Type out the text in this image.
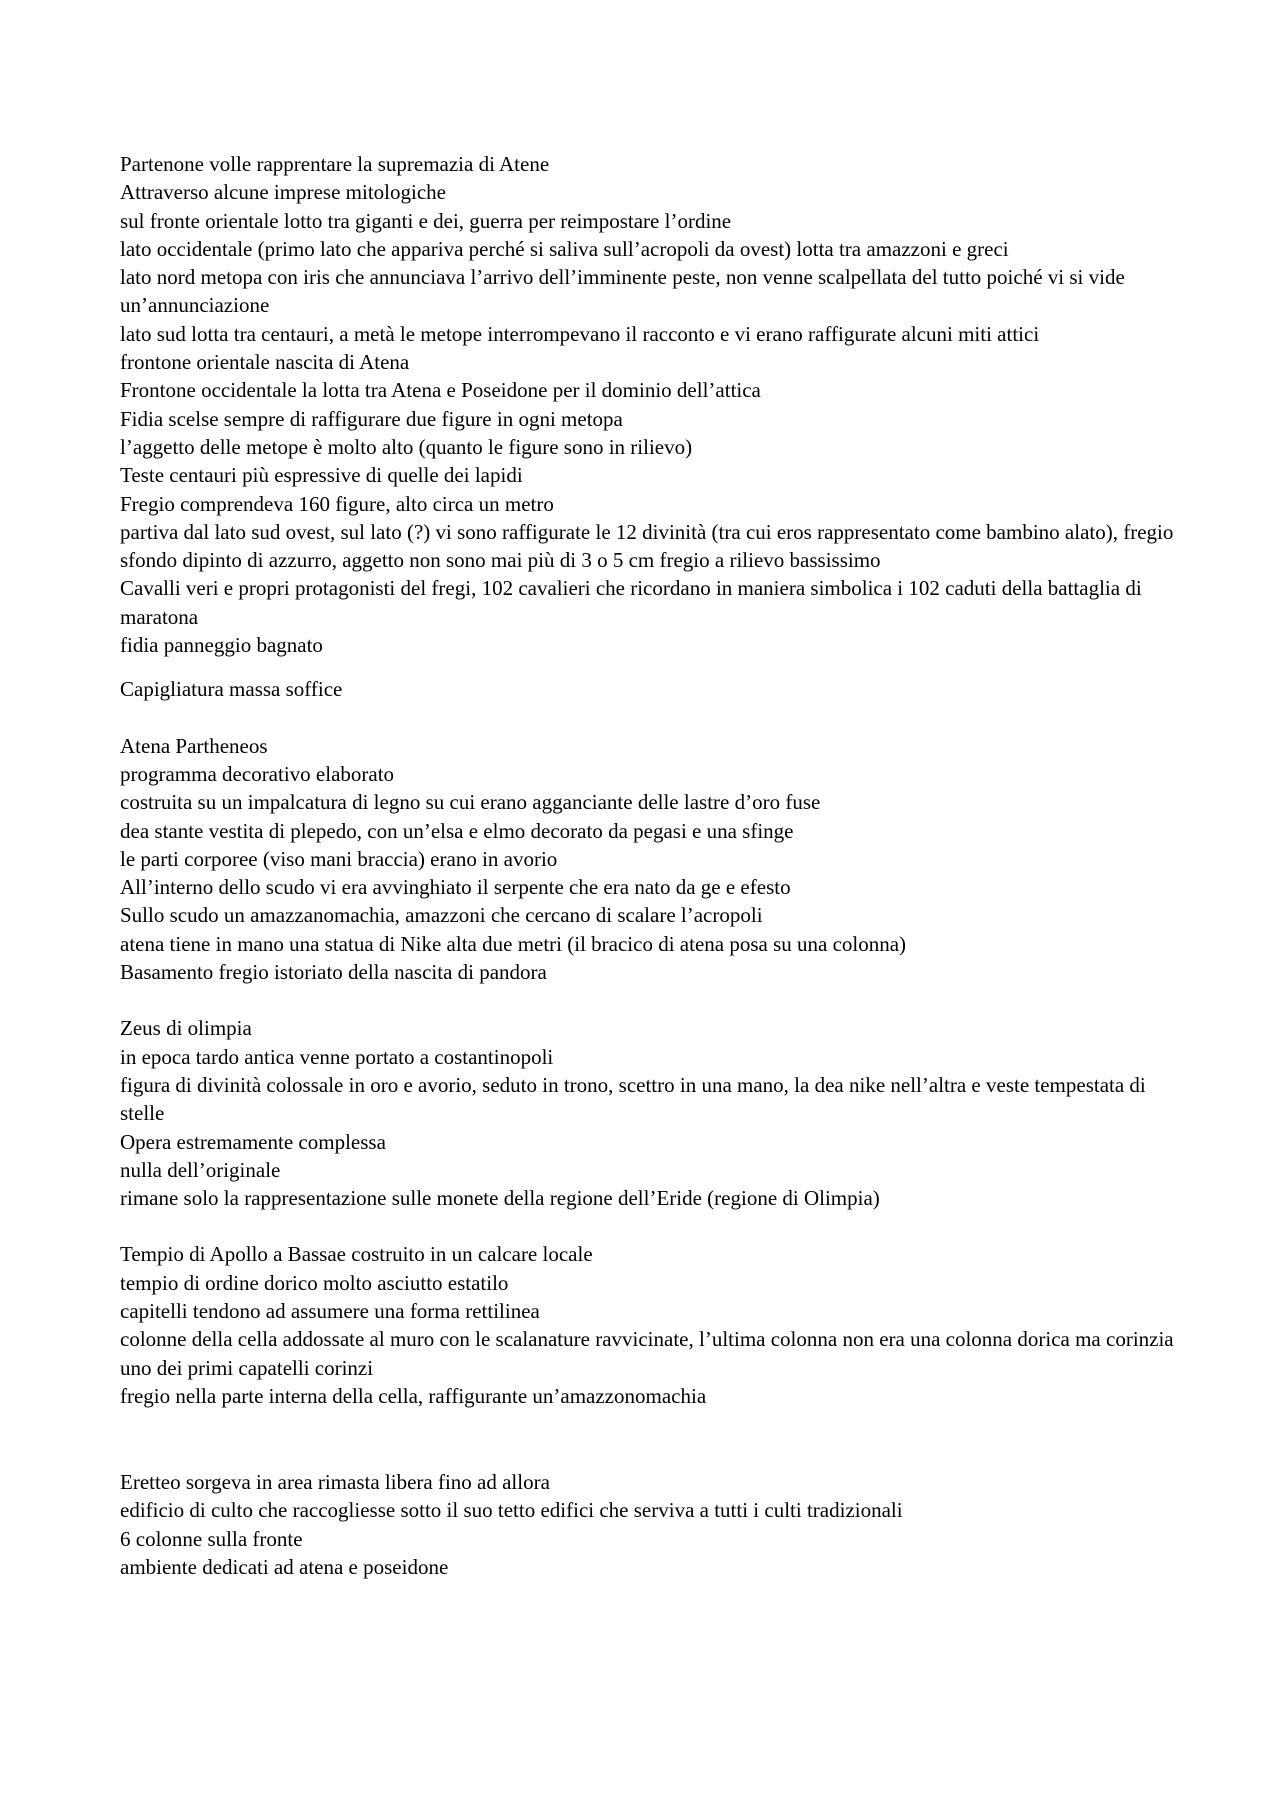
Partenone volle rapprentare la supremazia di Atene
Attraverso alcune imprese mitologiche
sul fronte orientale lotto tra giganti e dei, guerra per reimpostare l’ordine
lato occidentale (primo lato che appariva perché si saliva sull’acropoli da ovest) lotta tra amazzoni e greci
lato nord metopa con iris che annunciava l’arrivo dell’imminente peste, non venne scalpellata del tutto poiché vi si vide un’annunciazione
lato sud lotta tra centauri, a metà le metope interrompevano il racconto e vi erano raffigurate alcuni miti attici
frontone orientale nascita di Atena
Frontone occidentale la lotta tra Atena e Poseidone per il dominio dell’attica
Fidia scelse sempre di raffigurare due figure in ogni metopa
l’aggetto delle metope è molto alto (quanto le figure sono in rilievo)
Teste centauri più espressive di quelle dei lapidi
Fregio comprendeva 160 figure, alto circa un metro
partiva dal lato sud ovest, sul lato (?) vi sono raffigurate le 12 divinità (tra cui eros rappresentato come bambino alato), fregio sfondo dipinto di azzurro, aggetto non sono mai più di 3 o 5 cm fregio a rilievo bassissimo
Cavalli veri e propri protagonisti del fregi, 102 cavalieri che ricordano in maniera simbolica i 102 caduti della battaglia di maratona
fidia panneggio bagnato
Capigliatura massa soffice
Atena Partheneos
programma decorativo elaborato
costruita su un impalcatura di legno su cui erano agganciante delle lastre d’oro fuse
dea stante vestita di plepedo, con un’elsa e elmo decorato da pegasi e una sfinge
le parti corporee (viso mani braccia) erano in avorio
All’interno dello scudo vi era avvinghiato il serpente che era nato da ge e efesto
Sullo scudo un amazzanomachia, amazzoni che cercano di scalare l’acropoli
atena tiene in mano una statua di Nike alta due metri (il bracico di atena posa su una colonna)
Basamento fregio istoriato della nascita di pandora
Zeus di olimpia
in epoca tardo antica venne portato a costantinopoli
figura di divinità colossale in oro e avorio, seduto in trono, scettro in una mano, la dea nike nell’altra e veste tempestata di stelle
Opera estremamente complessa
nulla dell’originale
rimane solo la rappresentazione sulle monete della regione dell’Eride (regione di Olimpia)
Tempio di Apollo a Bassae costruito in un calcare locale
tempio di ordine dorico molto asciutto estatilo
capitelli tendono ad assumere una forma rettilinea
colonne della cella addossate al muro con le scalanature ravvicinate, l’ultima colonna non era una colonna dorica ma corinzia
uno dei primi capatelli corinzi
fregio nella parte interna della cella, raffigurante un’amazzonomachia
Eretteo sorgeva in area rimasta libera fino ad allora
edificio di culto che raccogliesse sotto il suo tetto edifici che serviva a tutti i culti tradizionali
6 colonne sulla fronte
ambiente dedicati ad atena e poseidone
